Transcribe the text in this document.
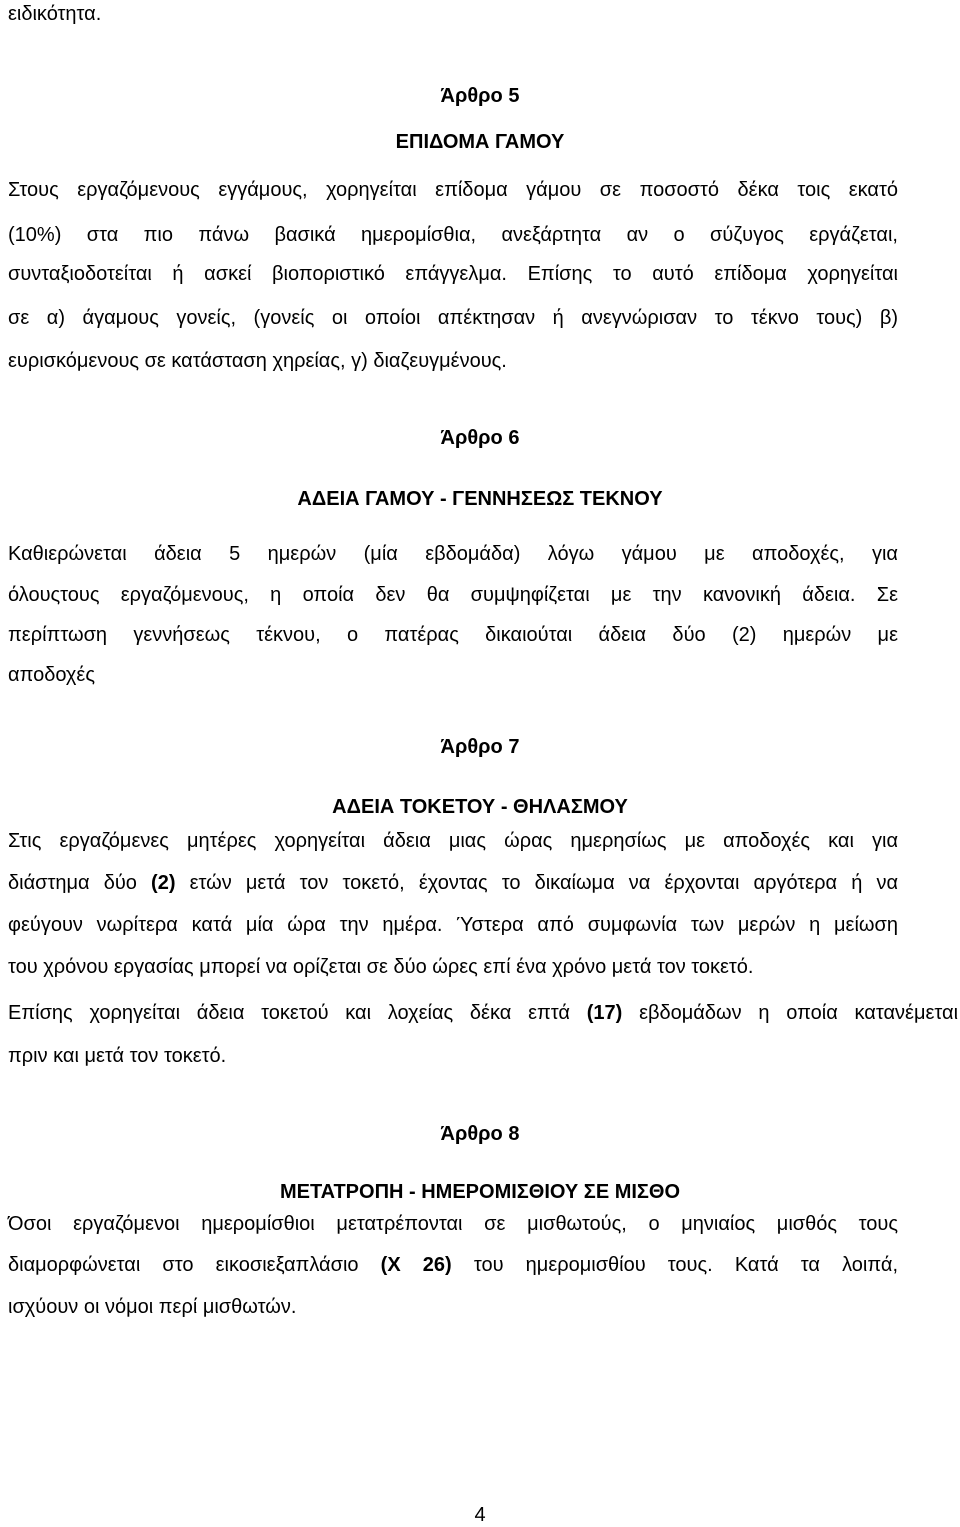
ειδικότητα.
Άρθρο 5
ΕΠΙΔΟΜΑ ΓΑΜΟΥ
Στους εργαζόμενους εγγάμους, χορηγείται επίδομα γάμου σε ποσοστό δέκα τοις εκατό
(10%) στα πιο πάνω βασικά ημερομίσθια, ανεξάρτητα αν ο σύζυγος εργάζεται,
συνταξιοδοτείται ή ασκεί βιοποριστικό επάγγελμα. Επίσης το αυτό επίδομα χορηγείται
σε α) άγαμους γονείς, (γονείς οι οποίοι απέκτησαν ή ανεγνώρισαν το τέκνο τους) β)
ευρισκόμενους σε κατάσταση χηρείας, γ) διαζευγμένους.
Άρθρο 6
ΑΔΕΙΑ ΓΑΜΟΥ - ΓΕΝΝΗΣΕΩΣ ΤΕΚΝΟΥ
Καθιερώνεται άδεια 5 ημερών (μία εβδομάδα) λόγω γάμου με αποδοχές, για
όλουςτους εργαζόμενους, η οποία δεν θα συμψηφίζεται με την κανονική άδεια. Σε
περίπτωση γεννήσεως τέκνου, ο πατέρας δικαιούται άδεια δύο (2) ημερών με
αποδοχές
Άρθρο 7
ΑΔΕΙΑ ΤΟΚΕΤΟΥ - ΘΗΛΑΣΜΟΥ
Στις εργαζόμενες μητέρες χορηγείται άδεια μιας ώρας ημερησίως με αποδοχές και για
διάστημα δύο (2) ετών μετά τον τοκετό, έχοντας το δικαίωμα να έρχονται αργότερα ή να
φεύγουν νωρίτερα κατά μία ώρα την ημέρα. Ύστερα από συμφωνία των μερών η μείωση
του χρόνου εργασίας μπορεί να ορίζεται σε δύο ώρες επί ένα χρόνο μετά τον τοκετό.
Επίσης χορηγείται άδεια τοκετού και λοχείας δέκα επτά (17) εβδομάδων η οποία κατανέμεται
πριν και μετά τον τοκετό.
Άρθρο 8
ΜΕΤΑΤΡΟΠΗ - ΗΜΕΡΟΜΙΣΘΙΟΥ ΣΕ ΜΙΣΘΟ
Όσοι εργαζόμενοι ημερομίσθιοι μετατρέπονται σε μισθωτούς, ο μηνιαίος μισθός τους
διαμορφώνεται στο εικοσιεξαπλάσιο (Χ 26) του ημερομισθίου τους. Κατά τα λοιπά,
ισχύουν οι νόμοι περί μισθωτών.
4
